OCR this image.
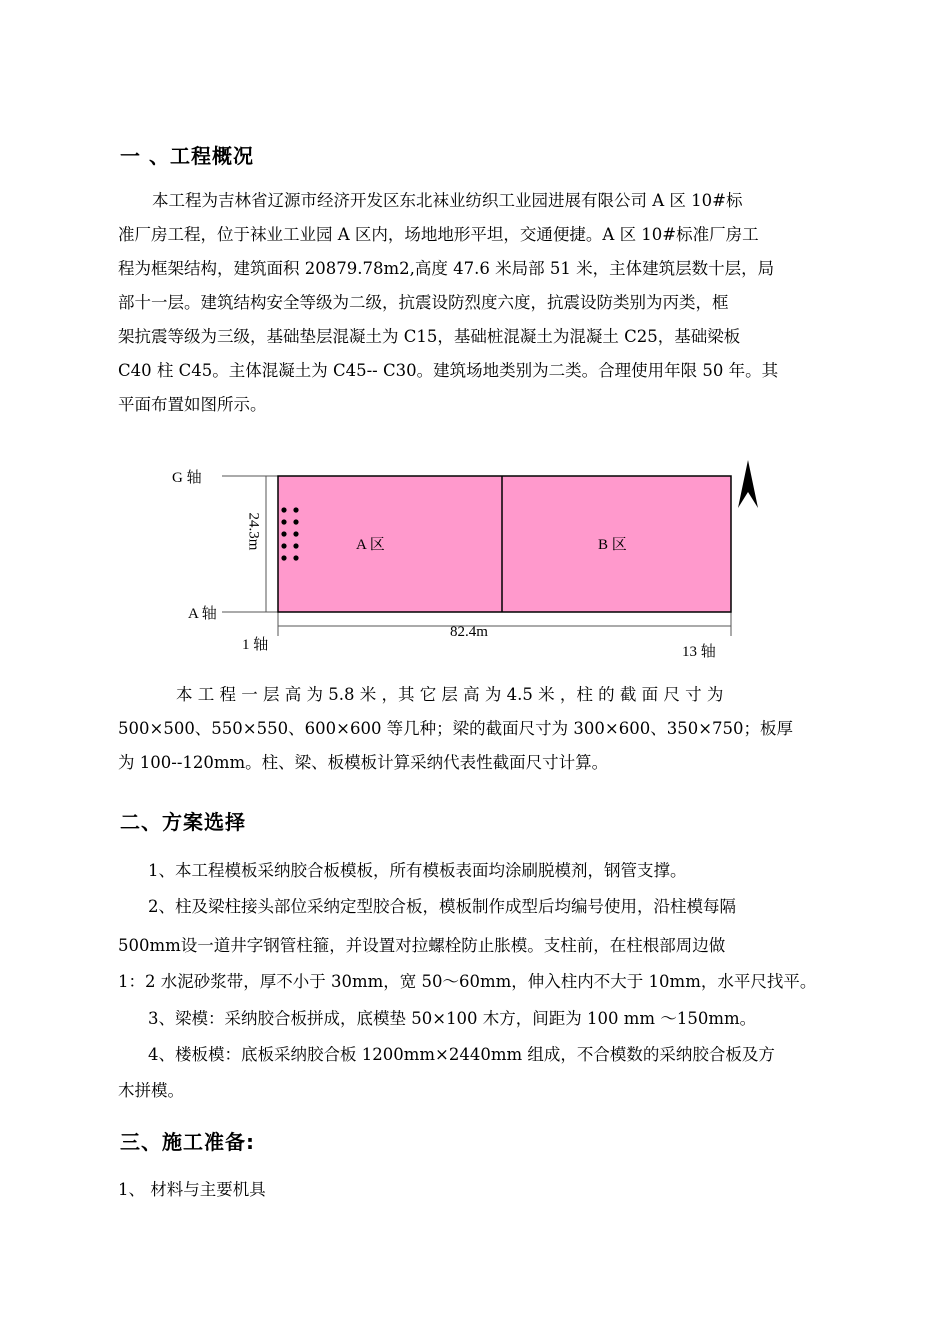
一 、工程概况
本工程为吉林省辽源市经济开发区东北袜业纺织工业园进展有限公司 A 区 10#标
准厂房工程，位于袜业工业园 A 区内，场地地形平坦，交通便捷。A 区 10#标准厂房工
程为框架结构，建筑面积 20879.78m2,高度 47.6 米局部 51 米，主体建筑层数十层，局
部十一层。建筑结构安全等级为二级，抗震设防烈度六度，抗震设防类别为丙类，框
架抗震等级为三级，基础垫层混凝土为 C15，基础桩混凝土为混凝土 C25，基础梁板
C40 柱 C45。主体混凝土为 C45-- C30。建筑场地类别为二类。合理使用年限 50 年。其
平面布置如图所示。
G 轴
A 轴
1 轴	13 轴
82.4m
24.3m	A 区	B 区
本 工 程 一 层 高 为 5.8 米 ，其 它 层 高 为 4.5 米 ，柱 的 截 面 尺 寸 为
500×500、550×550、600×600 等几种；梁的截面尺寸为 300×600、350×750；板厚
为 100--120mm。柱、梁、板模板计算采纳代表性截面尺寸计算。
二、方案选择
1、本工程模板采纳胶合板模板，所有模板表面均涂刷脱模剂，钢管支撑。
2、柱及梁柱接头部位采纳定型胶合板，模板制作成型后均编号使用，沿柱模每隔
500mm设一道井字钢管柱箍，并设置对拉螺栓防止胀模。支柱前，在柱根部周边做
1：2 水泥砂浆带，厚不小于 30mm，宽 50～60mm，伸入柱内不大于 10mm，水平尺找平。
3、梁模：采纳胶合板拼成，底模垫 50×100 木方，间距为 100 mm ～150mm。
4、楼板模：底板采纳胶合板 1200mm×2440mm 组成，不合模数的采纳胶合板及方
木拼模。
三、施工准备:
1、 材料与主要机具
